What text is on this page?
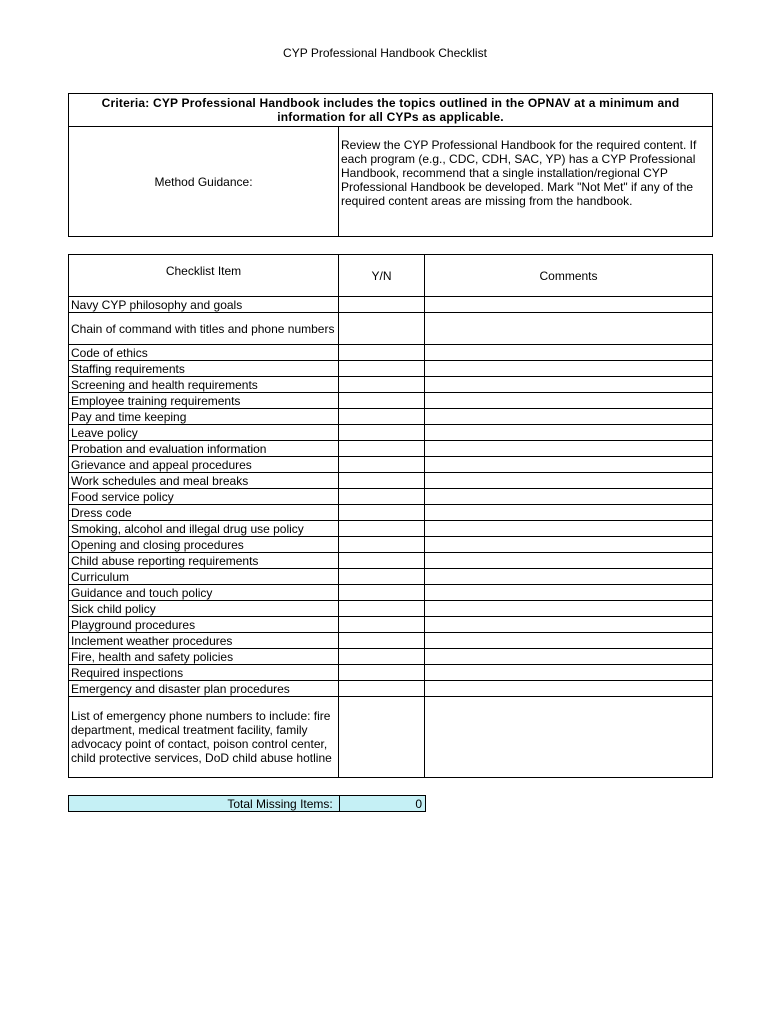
CYP Professional Handbook Checklist
Criteria: CYP Professional Handbook includes the topics outlined in the OPNAV at a minimum and information for all CYPs as applicable.
Method Guidance:	Review the CYP Professional Handbook for the required content. If each program (e.g., CDC, CDH, SAC, YP) has a CYP Professional Handbook, recommend that a single installation/regional CYP Professional Handbook be developed. Mark "Not Met" if any of the required content areas are missing from the handbook.
Checklist Item	Y/N	Comments
Navy CYP philosophy and goals		
Chain of command with titles and phone numbers		
Code of ethics		
Staffing requirements		
Screening and health requirements		
Employee training requirements		
Pay and time keeping		
Leave policy		
Probation and evaluation information		
Grievance and appeal procedures		
Work schedules and meal breaks		
Food service policy		
Dress code		
Smoking, alcohol and illegal drug use policy		
Opening and closing procedures		
Child abuse reporting requirements		
Curriculum		
Guidance and touch policy		
Sick child policy		
Playground procedures		
Inclement weather procedures		
Fire, health and safety policies		
Required inspections		
Emergency and disaster plan procedures		
List of emergency phone numbers to include: fire department, medical treatment facility, family advocacy point of contact, poison control center, child protective services, DoD child abuse hotline		
Total Missing Items:	0
